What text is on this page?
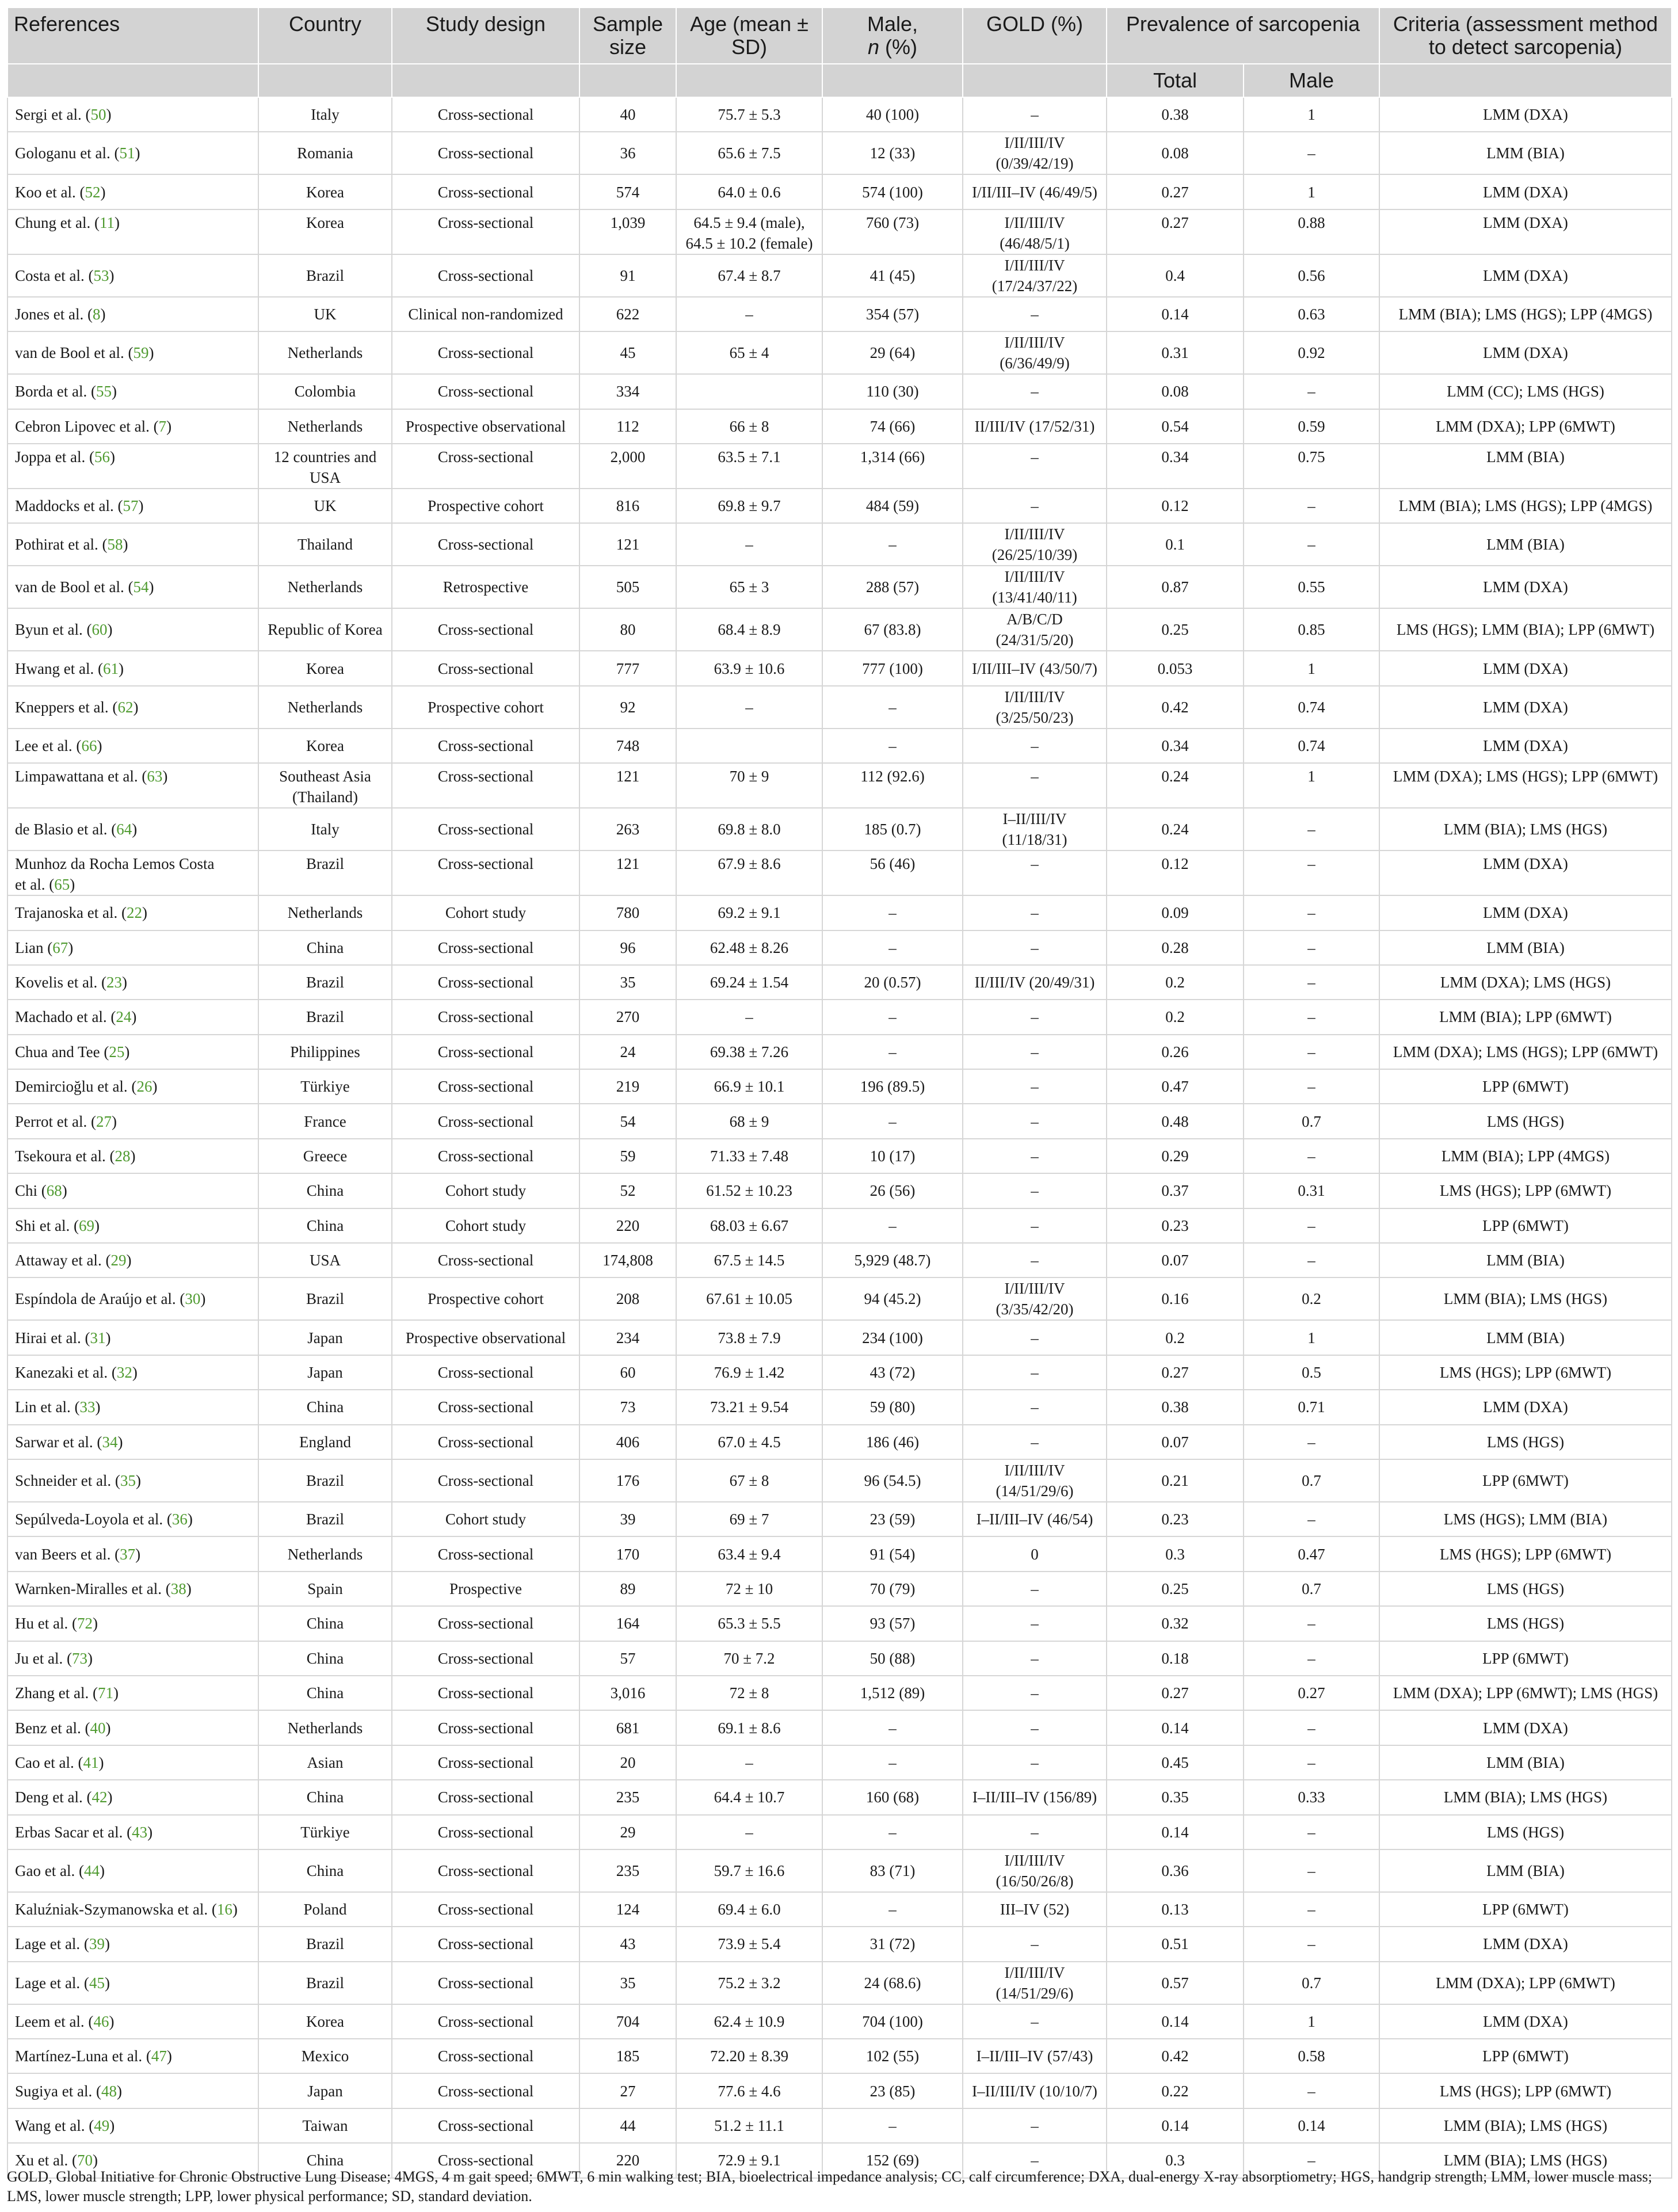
References	Country	Study design	Sample size	Age (mean ± SD)	Male,
n (%)	GOLD (%)	Prevalence of sarcopenia		Criteria (assessment method to detect sarcopenia)
							Total	Male	
Sergi et al. (50)	Italy	Cross-sectional	40	75.7 ± 5.3	40 (100)	–	0.38	1	LMM (DXA)
Gologanu et al. (51)	Romania	Cross-sectional	36	65.6 ± 7.5	12 (33)	I/II/III/IV (0/39/42/19)	0.08	–	LMM (BIA)
Koo et al. (52)	Korea	Cross-sectional	574	64.0 ± 0.6	574 (100)	I/II/III–IV (46/49/5)	0.27	1	LMM (DXA)
Chung et al. (11)	Korea	Cross-sectional	1,039	64.5 ± 9.4 (male),
64.5 ± 10.2 (female)	760 (73)	I/II/III/IV (46/48/5/1)	0.27	0.88	LMM (DXA)
Costa et al. (53)	Brazil	Cross-sectional	91	67.4 ± 8.7	41 (45)	I/II/III/IV (17/24/37/22)	0.4	0.56	LMM (DXA)
Jones et al. (8)	UK	Clinical non-randomized	622	–	354 (57)	–	0.14	0.63	LMM (BIA); LMS (HGS); LPP (4MGS)
van de Bool et al. (59)	Netherlands	Cross-sectional	45	65 ± 4	29 (64)	I/II/III/IV (6/36/49/9)	0.31	0.92	LMM (DXA)
Borda et al. (55)	Colombia	Cross-sectional	334		110 (30)	–	0.08	–	LMM (CC); LMS (HGS)
Cebron Lipovec et al. (7)	Netherlands	Prospective observational	112	66 ± 8	74 (66)	II/III/IV (17/52/31)	0.54	0.59	LMM (DXA); LPP (6MWT)
Joppa et al. (56)	12 countries and
USA	Cross-sectional	2,000	63.5 ± 7.1	1,314 (66)	–	0.34	0.75	LMM (BIA)
Maddocks et al. (57)	UK	Prospective cohort	816	69.8 ± 9.7	484 (59)	–	0.12	–	LMM (BIA); LMS (HGS); LPP (4MGS)
Pothirat et al. (58)	Thailand	Cross-sectional	121	–	–	I/II/III/IV (26/25/10/39)	0.1	–	LMM (BIA)
van de Bool et al. (54)	Netherlands	Retrospective	505	65 ± 3	288 (57)	I/II/III/IV (13/41/40/11)	0.87	0.55	LMM (DXA)
Byun et al. (60)	Republic of Korea	Cross-sectional	80	68.4 ± 8.9	67 (83.8)	A/B/C/D (24/31/5/20)	0.25	0.85	LMS (HGS); LMM (BIA); LPP (6MWT)
Hwang et al. (61)	Korea	Cross-sectional	777	63.9 ± 10.6	777 (100)	I/II/III–IV (43/50/7)	0.053	1	LMM (DXA)
Kneppers et al. (62)	Netherlands	Prospective cohort	92	–	–	I/II/III/IV (3/25/50/23)	0.42	0.74	LMM (DXA)
Lee et al. (66)	Korea	Cross-sectional	748		–	–	0.34	0.74	LMM (DXA)
Limpawattana et al. (63)	Southeast Asia
(Thailand)	Cross-sectional	121	70 ± 9	112 (92.6)	–	0.24	1	LMM (DXA); LMS (HGS); LPP (6MWT)
de Blasio et al. (64)	Italy	Cross-sectional	263	69.8 ± 8.0	185 (0.7)	I–II/III/IV (11/18/31)	0.24	–	LMM (BIA); LMS (HGS)
Munhoz da Rocha Lemos Costa
et al. (65)	Brazil	Cross-sectional	121	67.9 ± 8.6	56 (46)	–	0.12	–	LMM (DXA)
Trajanoska et al. (22)	Netherlands	Cohort study	780	69.2 ± 9.1	–	–	0.09	–	LMM (DXA)
Lian (67)	China	Cross-sectional	96	62.48 ± 8.26	–	–	0.28	–	LMM (BIA)
Kovelis et al. (23)	Brazil	Cross-sectional	35	69.24 ± 1.54	20 (0.57)	II/III/IV (20/49/31)	0.2	–	LMM (DXA); LMS (HGS)
Machado et al. (24)	Brazil	Cross-sectional	270	–	–	–	0.2	–	LMM (BIA); LPP (6MWT)
Chua and Tee (25)	Philippines	Cross-sectional	24	69.38 ± 7.26	–	–	0.26	–	LMM (DXA); LMS (HGS); LPP (6MWT)
Demircioğlu et al. (26)	Türkiye	Cross-sectional	219	66.9 ± 10.1	196 (89.5)	–	0.47	–	LPP (6MWT)
Perrot et al. (27)	France	Cross-sectional	54	68 ± 9	–	–	0.48	0.7	LMS (HGS)
Tsekoura et al. (28)	Greece	Cross-sectional	59	71.33 ± 7.48	10 (17)	–	0.29	–	LMM (BIA); LPP (4MGS)
Chi (68)	China	Cohort study	52	61.52 ± 10.23	26 (56)	–	0.37	0.31	LMS (HGS); LPP (6MWT)
Shi et al. (69)	China	Cohort study	220	68.03 ± 6.67	–	–	0.23	–	LPP (6MWT)
Attaway et al. (29)	USA	Cross-sectional	174,808	67.5 ± 14.5	5,929 (48.7)	–	0.07	–	LMM (BIA)
Espíndola de Araújo et al. (30)	Brazil	Prospective cohort	208	67.61 ± 10.05	94 (45.2)	I/II/III/IV (3/35/42/20)	0.16	0.2	LMM (BIA); LMS (HGS)
Hirai et al. (31)	Japan	Prospective observational	234	73.8 ± 7.9	234 (100)	–	0.2	1	LMM (BIA)
Kanezaki et al. (32)	Japan	Cross-sectional	60	76.9 ± 1.42	43 (72)	–	0.27	0.5	LMS (HGS); LPP (6MWT)
Lin et al. (33)	China	Cross-sectional	73	73.21 ± 9.54	59 (80)	–	0.38	0.71	LMM (DXA)
Sarwar et al. (34)	England	Cross-sectional	406	67.0 ± 4.5	186 (46)	–	0.07	–	LMS (HGS)
Schneider et al. (35)	Brazil	Cross-sectional	176	67 ± 8	96 (54.5)	I/II/III/IV (14/51/29/6)	0.21	0.7	LPP (6MWT)
Sepúlveda-Loyola et al. (36)	Brazil	Cohort study	39	69 ± 7	23 (59)	I–II/III–IV (46/54)	0.23	–	LMS (HGS); LMM (BIA)
van Beers et al. (37)	Netherlands	Cross-sectional	170	63.4 ± 9.4	91 (54)	0	0.3	0.47	LMS (HGS); LPP (6MWT)
Warnken-Miralles et al. (38)	Spain	Prospective	89	72 ± 10	70 (79)	–	0.25	0.7	LMS (HGS)
Hu et al. (72)	China	Cross-sectional	164	65.3 ± 5.5	93 (57)	–	0.32	–	LMS (HGS)
Ju et al. (73)	China	Cross-sectional	57	70 ± 7.2	50 (88)	–	0.18	–	LPP (6MWT)
Zhang et al. (71)	China	Cross-sectional	3,016	72 ± 8	1,512 (89)	–	0.27	0.27	LMM (DXA); LPP (6MWT); LMS (HGS)
Benz et al. (40)	Netherlands	Cross-sectional	681	69.1 ± 8.6	–	–	0.14	–	LMM (DXA)
Cao et al. (41)	Asian	Cross-sectional	20	–	–	–	0.45	–	LMM (BIA)
Deng et al. (42)	China	Cross-sectional	235	64.4 ± 10.7	160 (68)	I–II/III–IV (156/89)	0.35	0.33	LMM (BIA); LMS (HGS)
Erbas Sacar et al. (43)	Türkiye	Cross-sectional	29	–	–	–	0.14	–	LMS (HGS)
Gao et al. (44)	China	Cross-sectional	235	59.7 ± 16.6	83 (71)	I/II/III/IV (16/50/26/8)	0.36	–	LMM (BIA)
Kaluźniak-Szymanowska et al. (16)	Poland	Cross-sectional	124	69.4 ± 6.0	–	III–IV (52)	0.13	–	LPP (6MWT)
Lage et al. (39)	Brazil	Cross-sectional	43	73.9 ± 5.4	31 (72)	–	0.51	–	LMM (DXA)
Lage et al. (45)	Brazil	Cross-sectional	35	75.2 ± 3.2	24 (68.6)	I/II/III/IV (14/51/29/6)	0.57	0.7	LMM (DXA); LPP (6MWT)
Leem et al. (46)	Korea	Cross-sectional	704	62.4 ± 10.9	704 (100)	–	0.14	1	LMM (DXA)
Martínez-Luna et al. (47)	Mexico	Cross-sectional	185	72.20 ± 8.39	102 (55)	I–II/III–IV (57/43)	0.42	0.58	LPP (6MWT)
Sugiya et al. (48)	Japan	Cross-sectional	27	77.6 ± 4.6	23 (85)	I–II/III/IV (10/10/7)	0.22	–	LMS (HGS); LPP (6MWT)
Wang et al. (49)	Taiwan	Cross-sectional	44	51.2 ± 11.1	–	–	0.14	0.14	LMM (BIA); LMS (HGS)
Xu et al. (70)	China	Cross-sectional	220	72.9 ± 9.1	152 (69)	–	0.3	–	LMM (BIA); LMS (HGS)
GOLD, Global Initiative for Chronic Obstructive Lung Disease; 4MGS, 4 m gait speed; 6MWT, 6 min walking test; BIA, bioelectrical impedance analysis; CC, calf circumference; DXA, dual-energy X-ray absorptiometry; HGS, handgrip strength; LMM, lower muscle mass; LMS, lower muscle strength; LPP, lower physical performance; SD, standard deviation.
